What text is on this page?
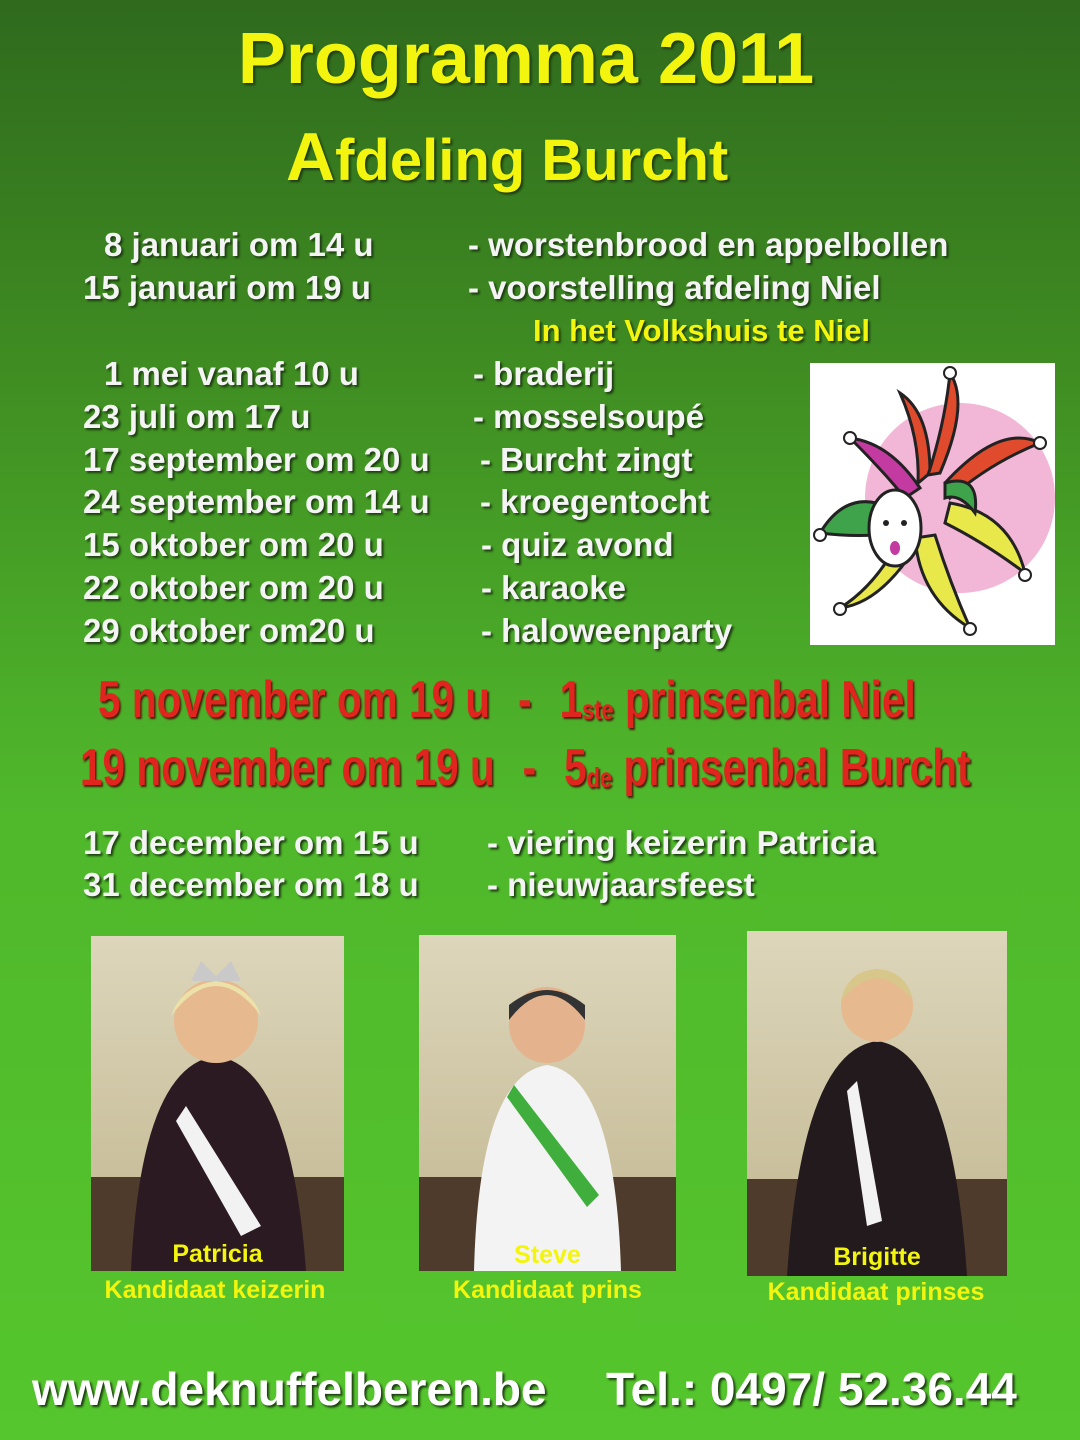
Programma 2011
Afdeling Burcht
8 januari om 14 u	- worstenbrood en appelbollen
15 januari om 19 u	- voorstelling afdeling Niel
In het Volkshuis te Niel
1 mei vanaf 10 u	- braderij
23 juli om 17 u	- mosselsoupé
17 september om 20 u - Burcht zingt
24 september om 14 u - kroegentocht
15 oktober om 20 u	- quiz avond
22 oktober om 20 u	- karaoke
29 oktober om20 u	- haloweenparty
5 november om 19 u - $1_{ste}$ prinsenbal Niel
19 november om 19 u - $5_{de}$ prinsenbal Burcht
17 december om 15 u - viering keizerin Patricia
31 december om 18 u - nieuwjaarsfeest
Patricia
Kandidaat keizerin
Steve
Kandidaat prins
Brigitte
Kandidaat prinses
www.deknuffelberen.be Tel.: 0497/ 52.36.44
